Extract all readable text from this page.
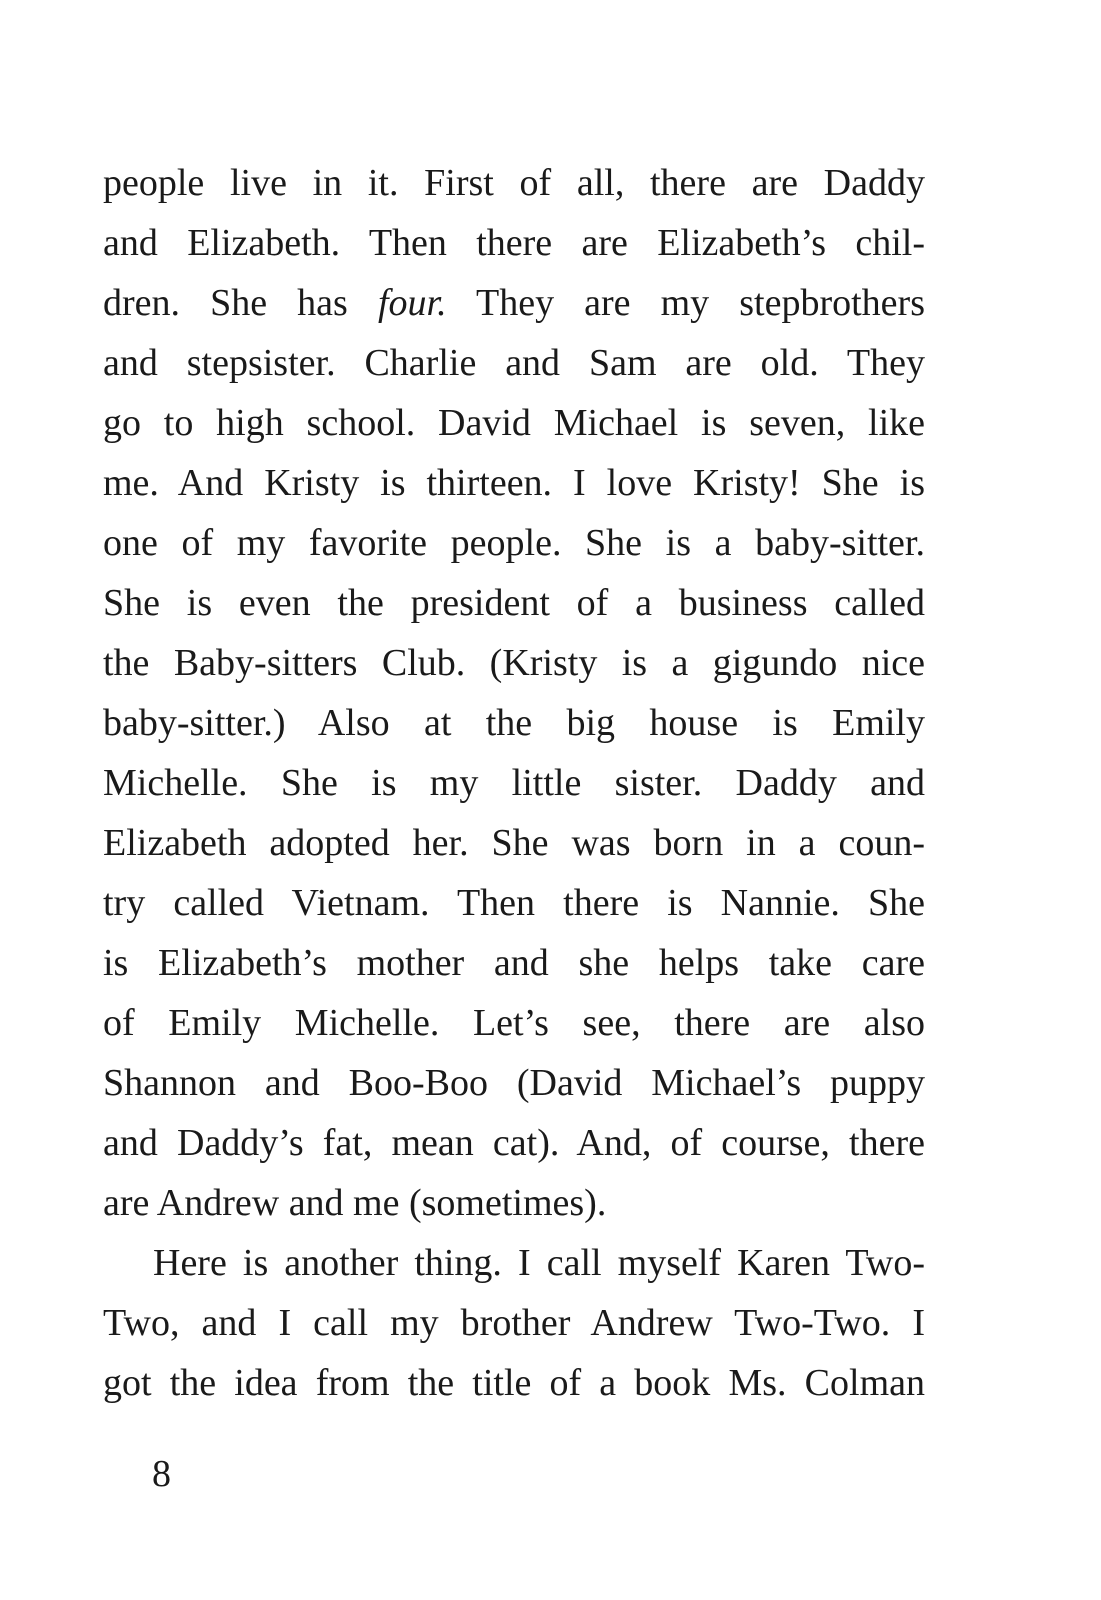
people live in it. First of all, there are Daddy
and Elizabeth. Then there are Elizabeth’s chil-
dren. She has four. They are my stepbrothers
and stepsister. Charlie and Sam are old. They
go to high school. David Michael is seven, like
me. And Kristy is thirteen. I love Kristy! She is
one of my favorite people. She is a baby-sitter.
She is even the president of a business called
the Baby-sitters Club. (Kristy is a gigundo nice
baby-sitter.) Also at the big house is Emily
Michelle. She is my little sister. Daddy and
Elizabeth adopted her. She was born in a coun-
try called Vietnam. Then there is Nannie. She
is Elizabeth’s mother and she helps take care
of Emily Michelle. Let’s see, there are also
Shannon and Boo-Boo (David Michael’s puppy
and Daddy’s fat, mean cat). And, of course, there
are Andrew and me (sometimes).
Here is another thing. I call myself Karen Two-
Two, and I call my brother Andrew Two-Two. I
got the idea from the title of a book Ms. Colman
8
